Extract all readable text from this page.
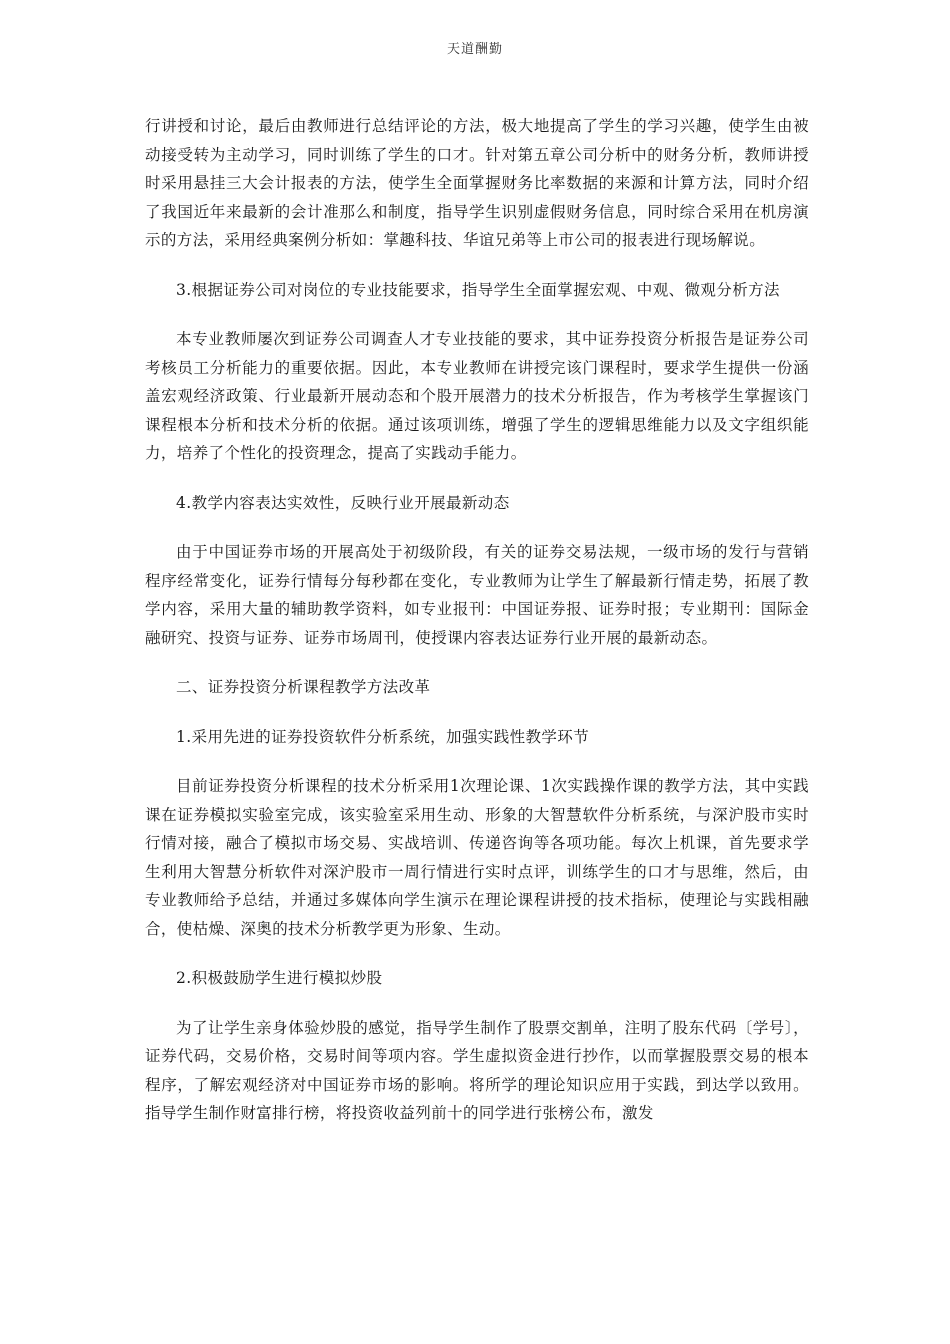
天道酬勤

行讲授和讨论，最后由教师进行总结评论的方法，极大地提高了学生的学习兴趣，使学生由被动接受转为主动学习，同时训练了学生的口才。针对第五章公司分析中的财务分析，教师讲授时采用悬挂三大会计报表的方法，使学生全面掌握财务比率数据的来源和计算方法，同时介绍了我国近年来最新的会计准那么和制度，指导学生识别虚假财务信息，同时综合采用在机房演示的方法，采用经典案例分析如：掌趣科技、华谊兄弟等上市公司的报表进行现场解说。

3.根据证券公司对岗位的专业技能要求，指导学生全面掌握宏观、中观、微观分析方法

本专业教师屡次到证券公司调查人才专业技能的要求，其中证券投资分析报告是证券公司考核员工分析能力的重要依据。因此，本专业教师在讲授完该门课程时，要求学生提供一份涵盖宏观经济政策、行业最新开展动态和个股开展潜力的技术分析报告，作为考核学生掌握该门课程根本分析和技术分析的依据。通过该项训练，增强了学生的逻辑思维能力以及文字组织能力，培养了个性化的投资理念，提高了实践动手能力。

4.教学内容表达实效性，反映行业开展最新动态

由于中国证券市场的开展高处于初级阶段，有关的证券交易法规，一级市场的发行与营销程序经常变化，证券行情每分每秒都在变化，专业教师为让学生了解最新行情走势，拓展了教学内容，采用大量的辅助教学资料，如专业报刊：中国证券报、证券时报；专业期刊：国际金融研究、投资与证券、证券市场周刊，使授课内容表达证券行业开展的最新动态。

二、证券投资分析课程教学方法改革

1.采用先进的证券投资软件分析系统，加强实践性教学环节

目前证券投资分析课程的技术分析采用1次理论课、1次实践操作课的教学方法，其中实践课在证券模拟实验室完成，该实验室采用生动、形象的大智慧软件分析系统，与深沪股市实时行情对接，融合了模拟市场交易、实战培训、传递咨询等各项功能。每次上机课，首先要求学生利用大智慧分析软件对深沪股市一周行情进行实时点评，训练学生的口才与思维，然后，由专业教师给予总结，并通过多媒体向学生演示在理论课程讲授的技术指标，使理论与实践相融合，使枯燥、深奥的技术分析教学更为形象、生动。

2.积极鼓励学生进行模拟炒股

为了让学生亲身体验炒股的感觉，指导学生制作了股票交割单，注明了股东代码〔学号〕，证券代码，交易价格，交易时间等项内容。学生虚拟资金进行抄作，以而掌握股票交易的根本程序，了解宏观经济对中国证券市场的影响。将所学的理论知识应用于实践，到达学以致用。指导学生制作财富排行榜，将投资收益列前十的同学进行张榜公布，激发
